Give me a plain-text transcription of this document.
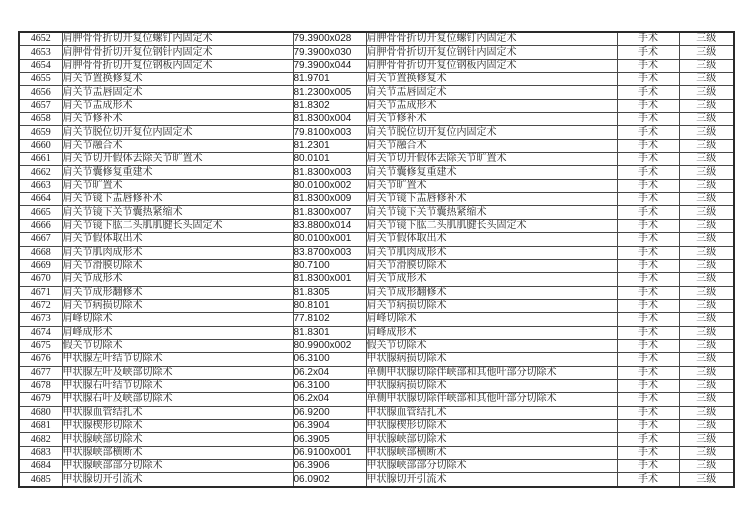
4652	肩胛骨骨折切开复位螺钉内固定术	79.3900x028	肩胛骨骨折切开复位螺钉内固定术	手术	三级
4653	肩胛骨骨折切开复位钢针内固定术	79.3900x030	肩胛骨骨折切开复位钢针内固定术	手术	三级
4654	肩胛骨骨折切开复位钢板内固定术	79.3900x044	肩胛骨骨折切开复位钢板内固定术	手术	三级
4655	肩关节置换修复术	81.9701	肩关节置换修复术	手术	三级
4656	肩关节盂唇固定术	81.2300x005	肩关节盂唇固定术	手术	三级
4657	肩关节盂成形术	81.8302	肩关节盂成形术	手术	三级
4658	肩关节修补术	81.8300x004	肩关节修补术	手术	三级
4659	肩关节脱位切开复位内固定术	79.8100x003	肩关节脱位切开复位内固定术	手术	三级
4660	肩关节融合术	81.2301	肩关节融合术	手术	三级
4661	肩关节切开假体去除关节旷置术	80.0101	肩关节切开假体去除关节旷置术	手术	三级
4662	肩关节囊修复重建术	81.8300x003	肩关节囊修复重建术	手术	三级
4663	肩关节旷置术	80.0100x002	肩关节旷置术	手术	三级
4664	肩关节镜下盂唇修补术	81.8300x009	肩关节镜下盂唇修补术	手术	三级
4665	肩关节镜下关节囊热紧缩术	81.8300x007	肩关节镜下关节囊热紧缩术	手术	三级
4666	肩关节镜下肱二头肌肌腱长头固定术	83.8800x014	肩关节镜下肱二头肌肌腱长头固定术	手术	三级
4667	肩关节假体取出术	80.0100x001	肩关节假体取出术	手术	三级
4668	肩关节肌肉成形术	83.8700x003	肩关节肌肉成形术	手术	三级
4669	肩关节滑膜切除术	80.7100	肩关节滑膜切除术	手术	三级
4670	肩关节成形术	81.8300x001	肩关节成形术	手术	三级
4671	肩关节成形翻修术	81.8305	肩关节成形翻修术	手术	三级
4672	肩关节病损切除术	80.8101	肩关节病损切除术	手术	三级
4673	肩峰切除术	77.8102	肩峰切除术	手术	三级
4674	肩峰成形术	81.8301	肩峰成形术	手术	三级
4675	假关节切除术	80.9900x002	假关节切除术	手术	三级
4676	甲状腺左叶结节切除术	06.3100	甲状腺病损切除术	手术	三级
4677	甲状腺左叶及峡部切除术	06.2x04	单侧甲状腺切除伴峡部和其他叶部分切除术	手术	三级
4678	甲状腺右叶结节切除术	06.3100	甲状腺病损切除术	手术	三级
4679	甲状腺右叶及峡部切除术	06.2x04	单侧甲状腺切除伴峡部和其他叶部分切除术	手术	三级
4680	甲状腺血管结扎术	06.9200	甲状腺血管结扎术	手术	三级
4681	甲状腺楔形切除术	06.3904	甲状腺楔形切除术	手术	三级
4682	甲状腺峡部切除术	06.3905	甲状腺峡部切除术	手术	三级
4683	甲状腺峡部横断术	06.9100x001	甲状腺峡部横断术	手术	三级
4684	甲状腺峡部部分切除术	06.3906	甲状腺峡部部分切除术	手术	三级
4685	甲状腺切开引流术	06.0902	甲状腺切开引流术	手术	三级
